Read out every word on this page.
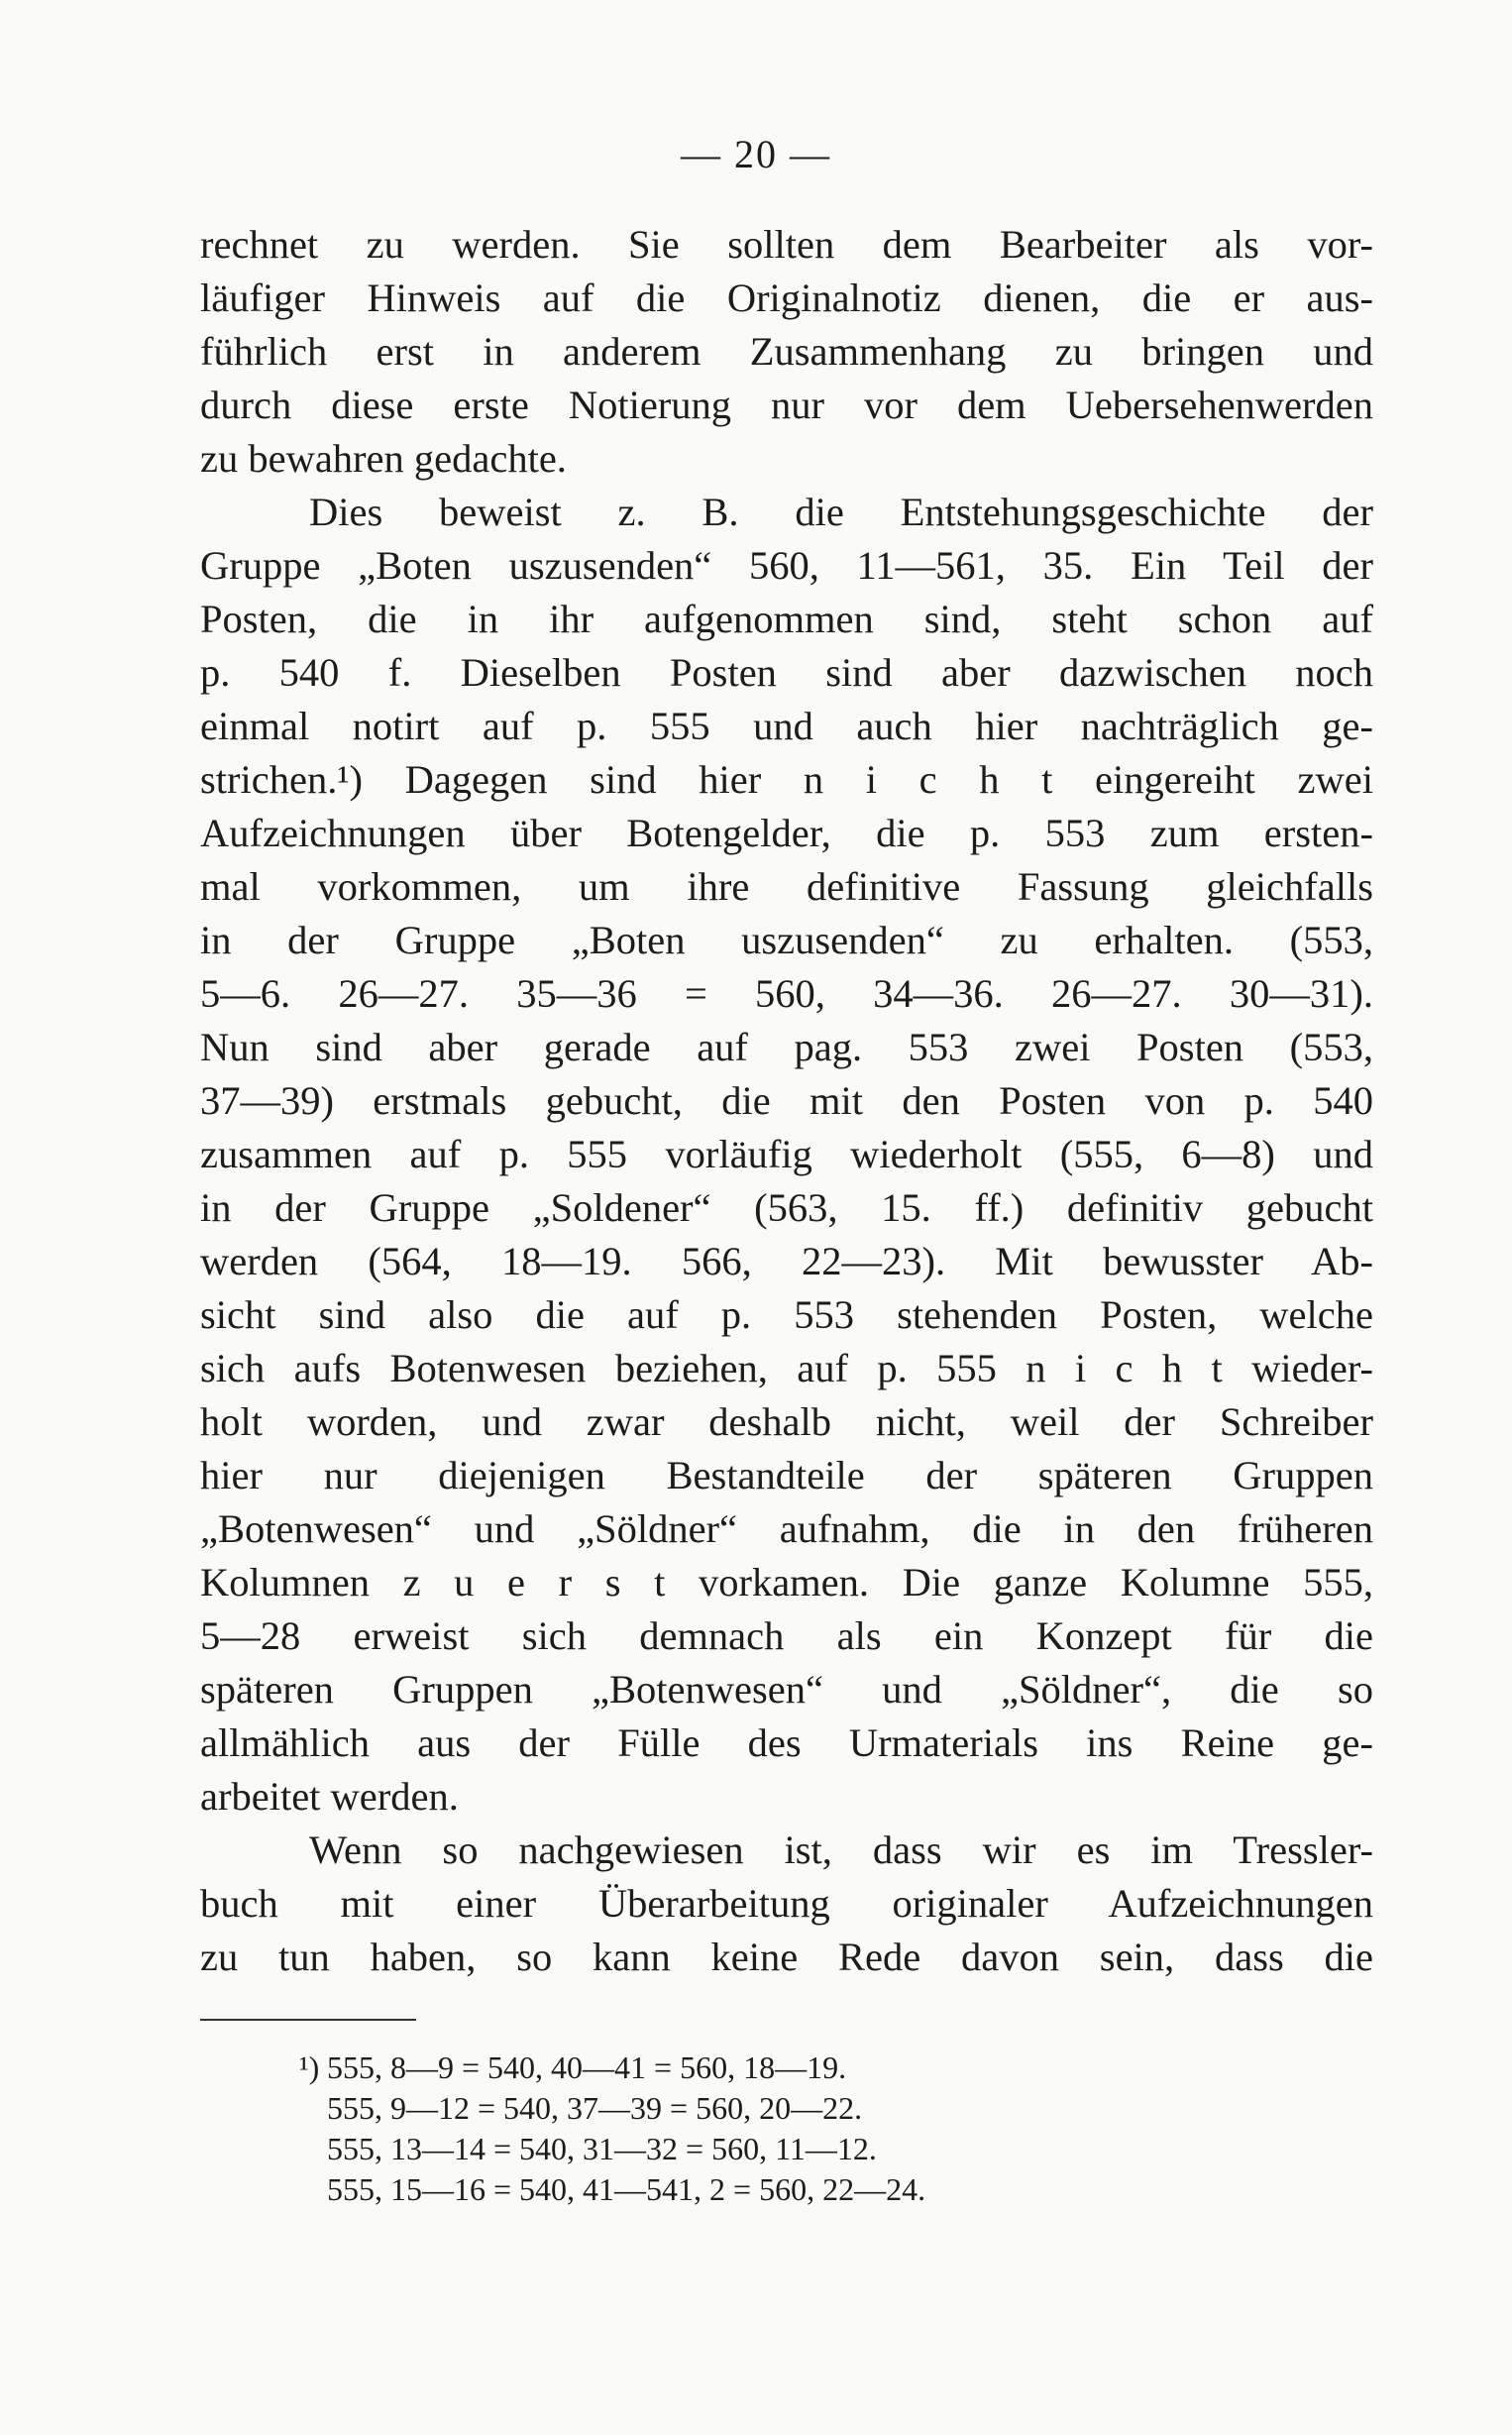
— 20 —
rechnet zu werden. Sie sollten dem Bearbeiter als vor-
läufiger Hinweis auf die Originalnotiz dienen, die er aus-
führlich erst in anderem Zusammenhang zu bringen und
durch diese erste Notierung nur vor dem Uebersehenwerden
zu bewahren gedachte.
Dies beweist z. B. die Entstehungsgeschichte der
Gruppe „Boten uszusenden“ 560, 11—561, 35. Ein Teil der
Posten, die in ihr aufgenommen sind, steht schon auf
p. 540 f. Dieselben Posten sind aber dazwischen noch
einmal notirt auf p. 555 und auch hier nachträglich ge-
strichen.¹) Dagegen sind hier n i c h t eingereiht zwei
Aufzeichnungen über Botengelder, die p. 553 zum ersten-
mal vorkommen, um ihre definitive Fassung gleichfalls
in der Gruppe „Boten uszusenden“ zu erhalten. (553,
5—6. 26—27. 35—36 = 560, 34—36. 26—27. 30—31).
Nun sind aber gerade auf pag. 553 zwei Posten (553,
37—39) erstmals gebucht, die mit den Posten von p. 540
zusammen auf p. 555 vorläufig wiederholt (555, 6—8) und
in der Gruppe „Soldener“ (563, 15. ff.) definitiv gebucht
werden (564, 18—19. 566, 22—23). Mit bewusster Ab-
sicht sind also die auf p. 553 stehenden Posten, welche
sich aufs Botenwesen beziehen, auf p. 555 n i c h t wieder-
holt worden, und zwar deshalb nicht, weil der Schreiber
hier nur diejenigen Bestandteile der späteren Gruppen
„Botenwesen“ und „Söldner“ aufnahm, die in den früheren
Kolumnen z u e r s t vorkamen. Die ganze Kolumne 555,
5—28 erweist sich demnach als ein Konzept für die
späteren Gruppen „Botenwesen“ und „Söldner“, die so
allmählich aus der Fülle des Urmaterials ins Reine ge-
arbeitet werden.
Wenn so nachgewiesen ist, dass wir es im Tressler-
buch mit einer Überarbeitung originaler Aufzeichnungen
zu tun haben, so kann keine Rede davon sein, dass die
¹) 555, 8—9 = 540, 40—41 = 560, 18—19.
555, 9—12 = 540, 37—39 = 560, 20—22.
555, 13—14 = 540, 31—32 = 560, 11—12.
555, 15—16 = 540, 41—541, 2 = 560, 22—24.
